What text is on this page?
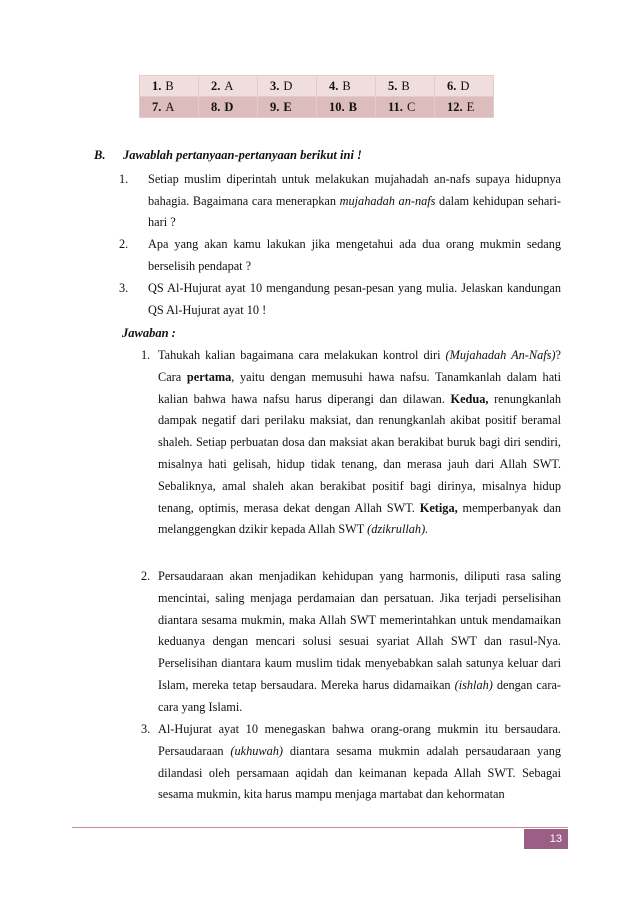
1. B	2. A	3. D	4. B	5. B	6. D
7. A	8. D	9. E	10. B	11. C	12. E
B. Jawablah pertanyaan-pertanyaan berikut ini !
1. Setiap muslim diperintah untuk melakukan mujahadah an-nafs supaya hidupnya bahagia. Bagaimana cara menerapkan mujahadah an-nafs dalam kehidupan sehari-hari ?
2. Apa yang akan kamu lakukan jika mengetahui ada dua orang mukmin sedang berselisih pendapat ?
3. QS Al-Hujurat ayat 10 mengandung pesan-pesan yang mulia. Jelaskan kandungan QS Al-Hujurat ayat 10 !
Jawaban :
1. Tahukah kalian bagaimana cara melakukan kontrol diri (Mujahadah An-Nafs)? Cara pertama, yaitu dengan memusuhi hawa nafsu. Tanamkanlah dalam hati kalian bahwa hawa nafsu harus diperangi dan dilawan. Kedua, renungkanlah dampak negatif dari perilaku maksiat, dan renungkanlah akibat positif beramal shaleh. Setiap perbuatan dosa dan maksiat akan berakibat buruk bagi diri sendiri, misalnya hati gelisah, hidup tidak tenang, dan merasa jauh dari Allah SWT. Sebaliknya, amal shaleh akan berakibat positif bagi dirinya, misalnya hidup tenang, optimis, merasa dekat dengan Allah SWT. Ketiga, memperbanyak dan melanggengkan dzikir kepada Allah SWT (dzikrullah).
2. Persaudaraan akan menjadikan kehidupan yang harmonis, diliputi rasa saling mencintai, saling menjaga perdamaian dan persatuan. Jika terjadi perselisihan diantara sesama mukmin, maka Allah SWT memerintahkan untuk mendamaikan keduanya dengan mencari solusi sesuai syariat Allah SWT dan rasul-Nya. Perselisihan diantara kaum muslim tidak menyebabkan salah satunya keluar dari Islam, mereka tetap bersaudara. Mereka harus didamaikan (ishlah) dengan cara-cara yang Islami.
3. Al-Hujurat ayat 10 menegaskan bahwa orang-orang mukmin itu bersaudara. Persaudaraan (ukhuwah) diantara sesama mukmin adalah persaudaraan yang dilandasi oleh persamaan aqidah dan keimanan kepada Allah SWT. Sebagai sesama mukmin, kita harus mampu menjaga martabat dan kehormatan
13
